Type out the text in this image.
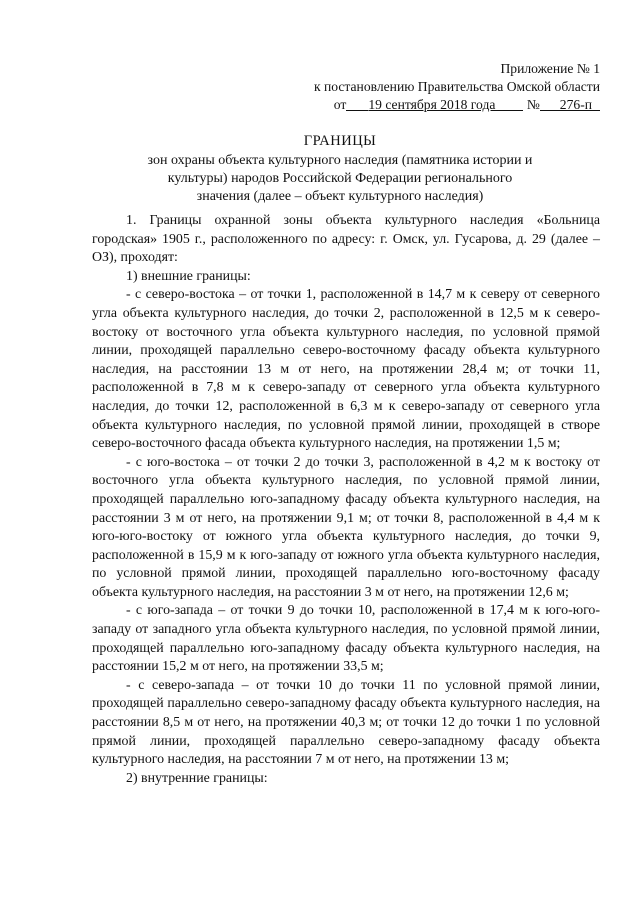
Приложение № 1
к постановлению Правительства Омской области
от 19 сентября 2018 года № 276-п
ГРАНИЦЫ
зон охраны объекта культурного наследия (памятника истории и
культуры) народов Российской Федерации регионального
значения (далее – объект культурного наследия)

1. Границы охранной зоны объекта культурного наследия «Больница городская» 1905 г., расположенного по адресу: г. Омск, ул. Гусарова, д. 29 (далее – ОЗ), проходят:

1) внешние границы:

- с северо-востока – от точки 1, расположенной в 14,7 м к северу от северного угла объекта культурного наследия, до точки 2, расположенной в 12,5 м к северо-востоку от восточного угла объекта культурного наследия, по условной прямой линии, проходящей параллельно северо-восточному фасаду объекта культурного наследия, на расстоянии 13 м от него, на протяжении 28,4 м; от точки 11, расположенной в 7,8 м к северо-западу от северного угла объекта культурного наследия, до точки 12, расположенной в 6,3 м к северо-западу от северного угла объекта культурного наследия, по условной прямой линии, проходящей в створе северо-восточного фасада объекта культурного наследия, на протяжении 1,5 м;

- с юго-востока – от точки 2 до точки 3, расположенной в 4,2 м к востоку от восточного угла объекта культурного наследия, по условной прямой линии, проходящей параллельно юго-западному фасаду объекта культурного наследия, на расстоянии 3 м от него, на протяжении 9,1 м; от точки 8, расположенной в 4,4 м к юго-юго-востоку от южного угла объекта культурного наследия, до точки 9, расположенной в 15,9 м к юго-западу от южного угла объекта культурного наследия, по условной прямой линии, проходящей параллельно юго-восточному фасаду объекта культурного наследия, на расстоянии 3 м от него, на протяжении 12,6 м;

- с юго-запада – от точки 9 до точки 10, расположенной в 17,4 м к юго-юго-западу от западного угла объекта культурного наследия, по условной прямой линии, проходящей параллельно юго-западному фасаду объекта культурного наследия, на расстоянии 15,2 м от него, на протяжении 33,5 м;

- с северо-запада – от точки 10 до точки 11 по условной прямой линии, проходящей параллельно северо-западному фасаду объекта культурного наследия, на расстоянии 8,5 м от него, на протяжении 40,3 м; от точки 12 до точки 1 по условной прямой линии, проходящей параллельно северо-западному фасаду объекта культурного наследия, на расстоянии 7 м от него, на протяжении 13 м;

2) внутренние границы:
